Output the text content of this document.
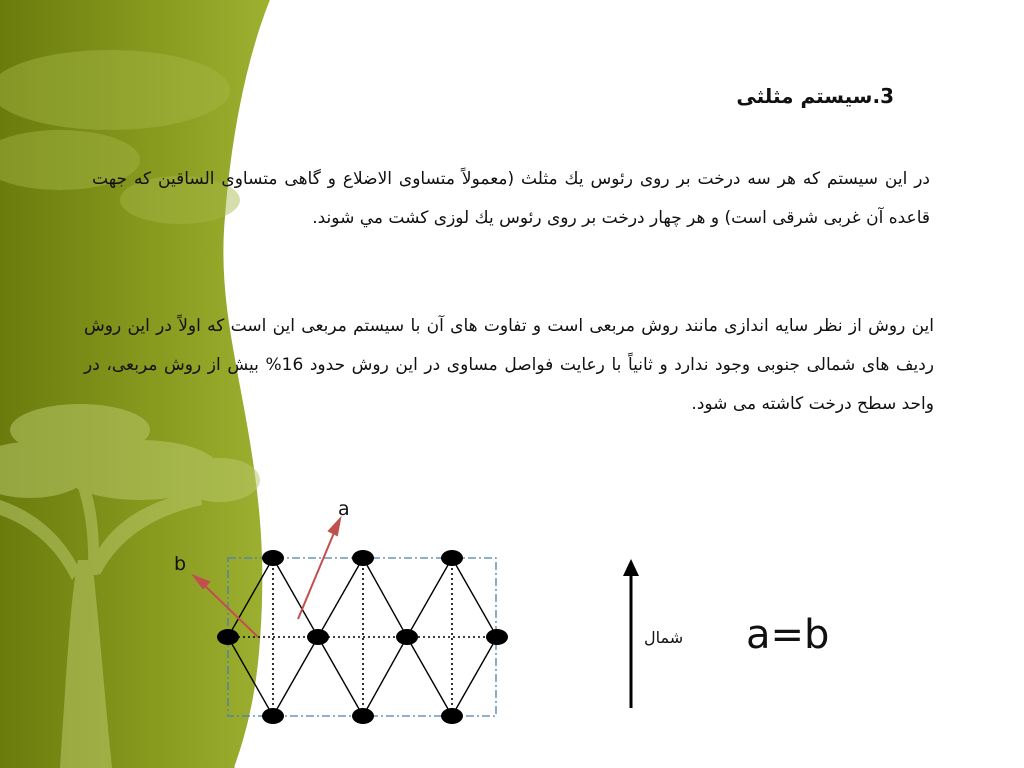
3.سیستم مثلثی
در این سیستم که هر سه درخت بر روی رئوس يك مثلث (معمولاً متساوی الاضلاع و گاهی متساوی الساقين كه جهت قاعده آن غربی شرقی است) و هر چهار درخت بر روی رئوس يك لوزی كشت مي شوند.
این روش از نظر سایه اندازی مانند روش مربعی است و تفاوت های آن با سیستم مربعی این است که اولاً در این روش ردیف های شمالی جنوبی وجود ندارد و ثانیاً با رعایت فواصل مساوی در این روش حدود 16% بیش از روش مربعی، در واحد سطح درخت کاشته می شود.
a
b
شمال a=b
